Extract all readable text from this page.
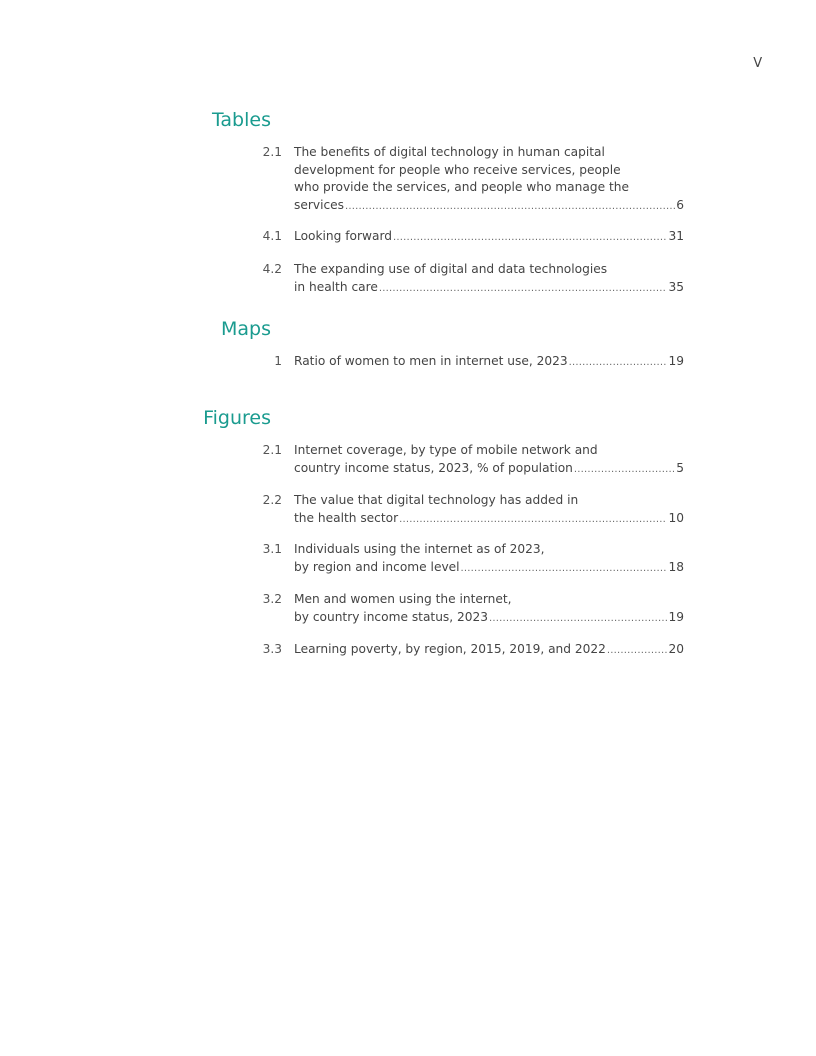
V
Tables
2.1 The benefits of digital technology in human capital
development for people who receive services, people
who provide the services, and people who manage the
services .....	6
4.1 Looking forward .....	31
4.2 The expanding use of digital and data technologies
in health care .....	35
Maps
1 Ratio of women to men in internet use, 2023 .....	19
Figures
2.1 Internet coverage, by type of mobile network and
country income status, 2023, % of population .....	5
2.2 The value that digital technology has added in
the health sector .....	10
3.1 Individuals using the internet as of 2023,
by region and income level .....	18
3.2 Men and women using the internet,
by country income status, 2023 .....	19
3.3 Learning poverty, by region, 2015, 2019, and 2022 .....	20
